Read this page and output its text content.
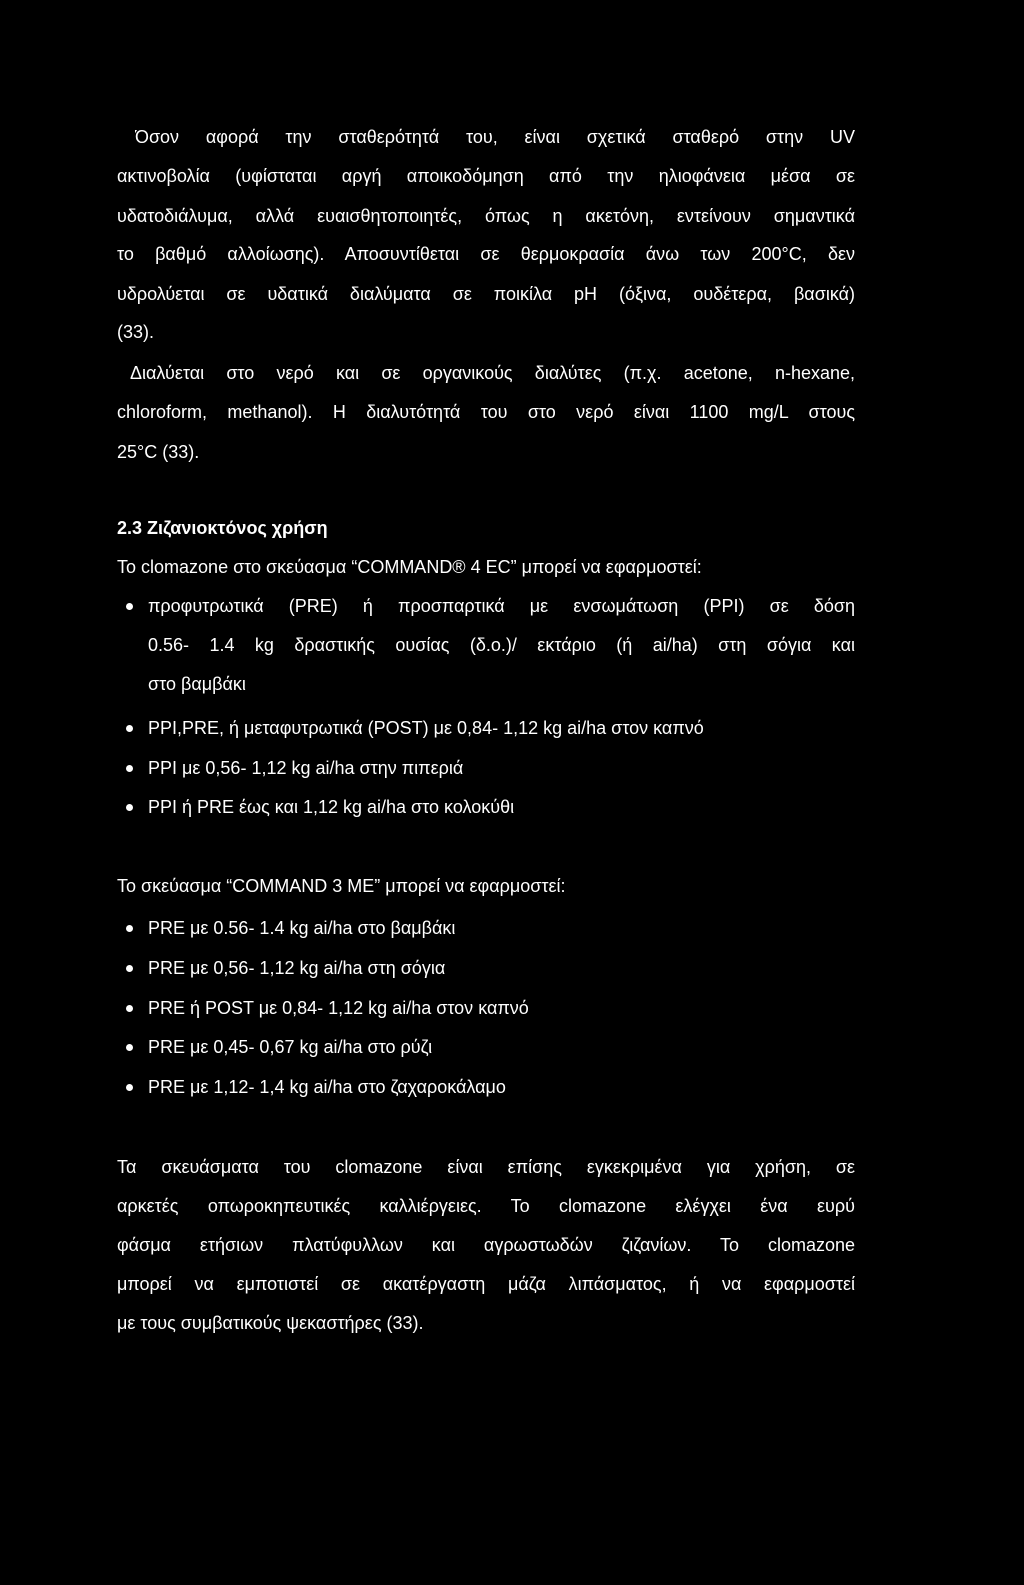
Όσον αφορά την σταθερότητά του, είναι σχετικά σταθερό στην UV
ακτινοβολία (υφίσταται αργή αποικοδόμηση από την ηλιοφάνεια μέσα σε
υδατοδιάλυμα, αλλά ευαισθητοποιητές, όπως η ακετόνη, εντείνουν σημαντικά
το βαθμό αλλοίωσης). Αποσυντίθεται σε θερμοκρασία άνω των 200°C, δεν
υδρολύεται σε υδατικά διαλύματα σε ποικίλα pH (όξινα, ουδέτερα, βασικά)
(33).
Διαλύεται στο νερό και σε οργανικούς διαλύτες (π.χ. acetone, n-hexane,
chloroform, methanol). Η διαλυτότητά του στο νερό είναι 1100 mg/L στους
25°C (33).
2.3 Ζιζανιοκτόνος χρήση
Το clomazone στο σκεύασμα “COMMAND® 4 EC” μπορεί να εφαρμοστεί:
προφυτρωτικά (PRE) ή προσπαρτικά με ενσωμάτωση (PPI) σε δόση
0.56- 1.4 kg δραστικής ουσίας (δ.ο.)/ εκτάριο (ή ai/ha) στη σόγια και
στο βαμβάκι
PPI,PRE, ή μεταφυτρωτικά (POST) με 0,84- 1,12 kg ai/ha στον καπνό
PPI με 0,56- 1,12 kg ai/ha στην πιπεριά
PPI ή PRE έως και 1,12 kg ai/ha στο κολοκύθι
Το σκεύασμα “COMMAND 3 ME” μπορεί να εφαρμοστεί:
PRE με 0.56- 1.4 kg ai/ha στο βαμβάκι
PRE με 0,56- 1,12 kg ai/ha στη σόγια
PRE ή POST με 0,84- 1,12 kg ai/ha στον καπνό
PRE με 0,45- 0,67 kg ai/ha στο ρύζι
PRE με 1,12- 1,4 kg ai/ha στο ζαχαροκάλαμο
Τα σκευάσματα του clomazone είναι επίσης εγκεκριμένα για χρήση, σε
αρκετές οπωροκηπευτικές καλλιέργειες. Το clomazone ελέγχει ένα ευρύ
φάσμα ετήσιων πλατύφυλλων και αγρωστωδών ζιζανίων. Το clomazone
μπορεί να εμποτιστεί σε ακατέργαστη μάζα λιπάσματος, ή να εφαρμοστεί
με τους συμβατικούς ψεκαστήρες (33).
